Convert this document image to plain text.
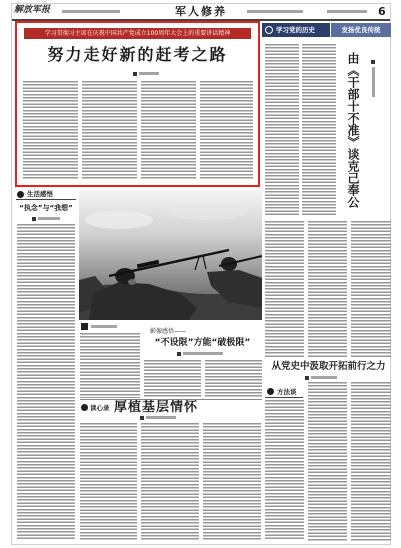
解放军报	军人修养	6
学习贯彻习主席在庆祝中国共产党成立100周年大会上的重要讲话精神
努力走好新的赶考之路
学习党的历史	发扬优良传统
由《干部十不准》谈克己奉公
从党史中汲取开拓前行之力
方法谈
生活感悟
“执念”与“我想”
影像感悟——
“不设限”方能“破极限”
读心录 厚植基层情怀
